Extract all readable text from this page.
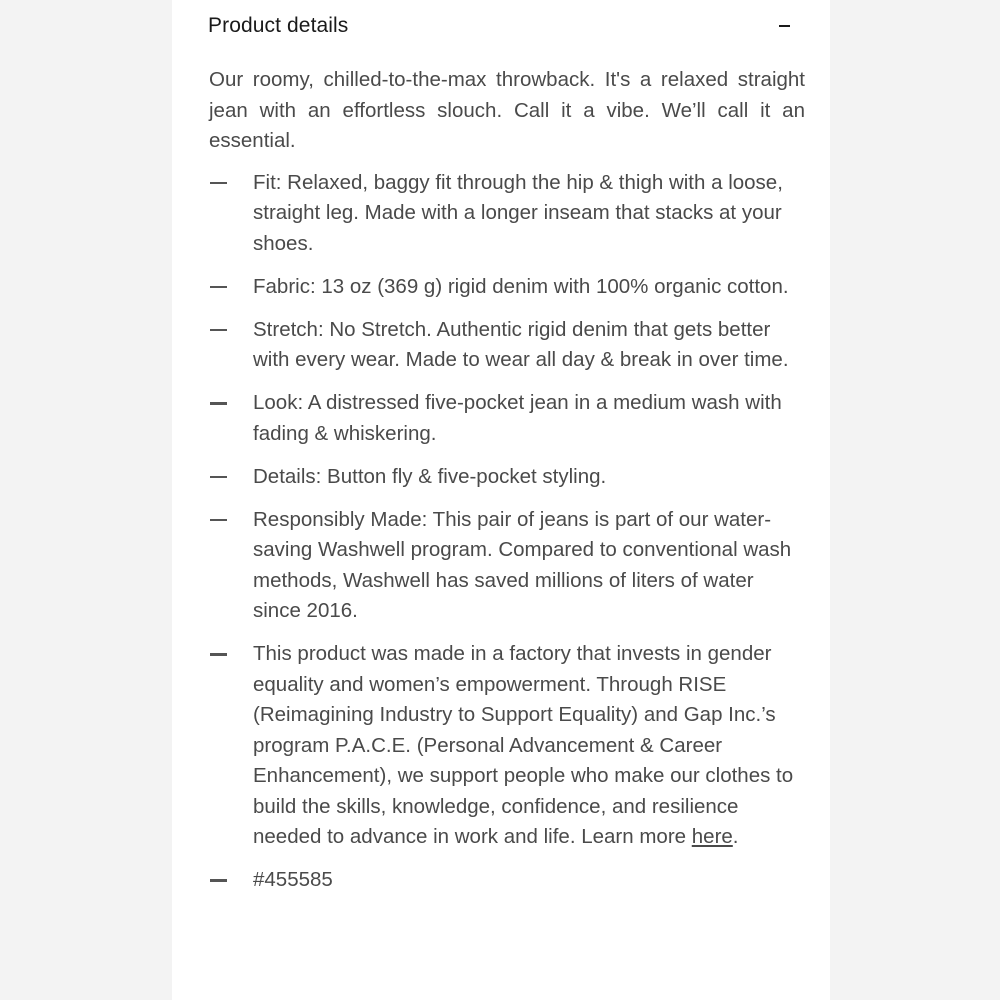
Product details

Our roomy, chilled-to-the-max throwback. It's a relaxed straight jean with an effortless slouch. Call it a vibe. We’ll call it an essential.

Fit: Relaxed, baggy fit through the hip & thigh with a loose, straight leg. Made with a longer inseam that stacks at your shoes.
Fabric: 13 oz (369 g) rigid denim with 100% organic cotton.
Stretch: No Stretch. Authentic rigid denim that gets better with every wear. Made to wear all day & break in over time.
Look: A distressed five-pocket jean in a medium wash with fading & whiskering.
Details: Button fly & five-pocket styling.
Responsibly Made: This pair of jeans is part of our water-saving Washwell program. Compared to conventional wash methods, Washwell has saved millions of liters of water since 2016.
This product was made in a factory that invests in gender equality and women’s empowerment. Through RISE (Reimagining Industry to Support Equality) and Gap Inc.’s program P.A.C.E. (Personal Advancement & Career Enhancement), we support people who make our clothes to build the skills, knowledge, confidence, and resilience needed to advance in work and life. Learn more here.
#455585
